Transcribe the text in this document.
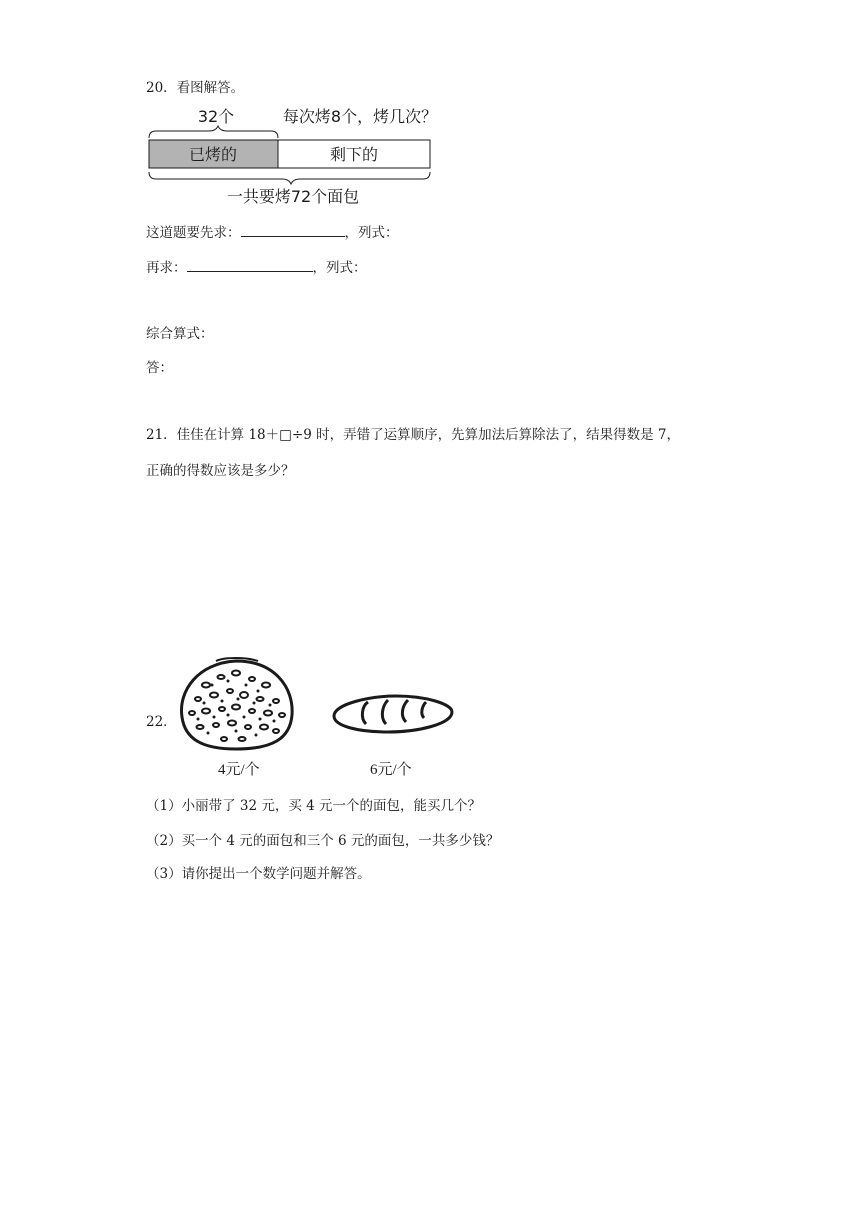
20．看图解答。
32个	每次烤8个，烤几次？
已烤的	剩下的
一共要烤72个面包
这道题要先求：	，列式：
再求：	，列式：
综合算式：
答：
21．佳佳在计算 18＋□÷9 时，弄错了运算顺序，先算加法后算除法了，结果得数是 7，
正确的得数应该是多少？
22．
4元/个	6元/个
（1）小丽带了 32 元，买 4 元一个的面包，能买几个？
（2）买一个 4 元的面包和三个 6 元的面包，一共多少钱？
（3）请你提出一个数学问题并解答。
